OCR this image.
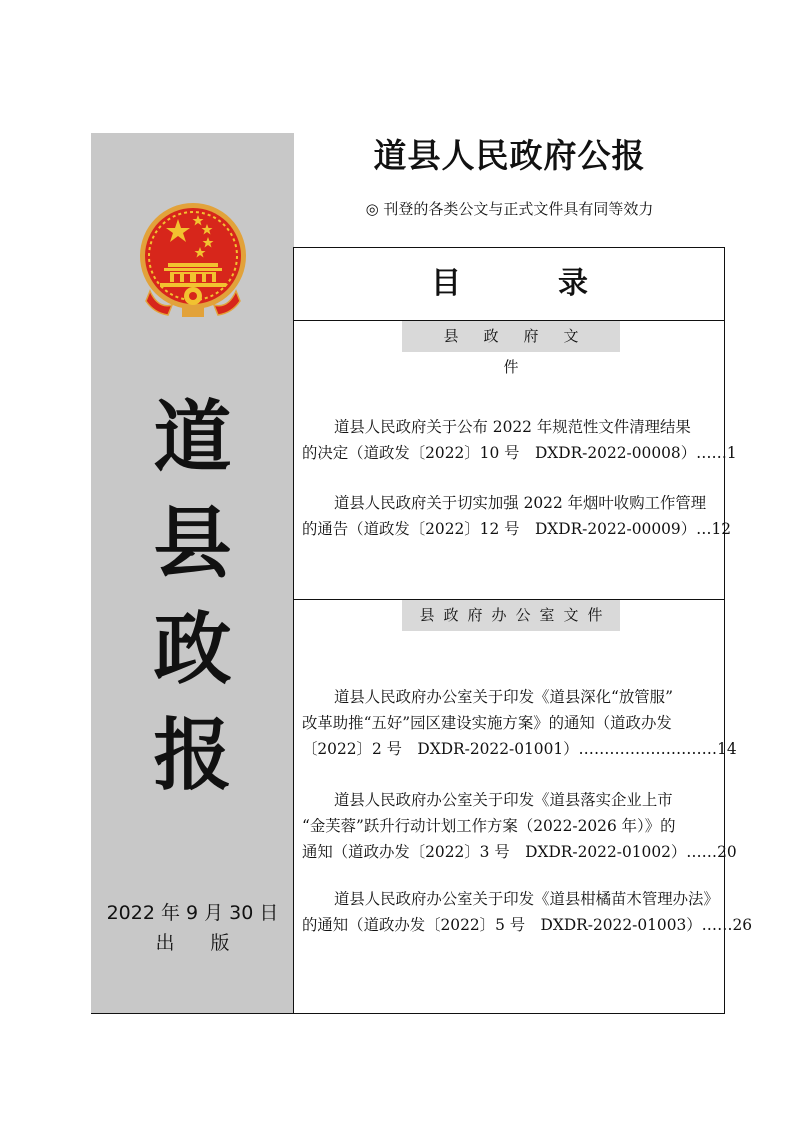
道
县
政
报
2022 年 9 月 30 日
出版
道县人民政府公报
◎ 刊登的各类公文与正式文件具有同等效力
目	录
县政府文件
道县人民政府关于公布 2022 年规范性文件清理结果
的决定（道政发〔2022〕10 号　DXDR-2022-00008）……1
道县人民政府关于切实加强 2022 年烟叶收购工作管理
的通告（道政发〔2022〕12 号　DXDR-2022-00009）…12
县政府办公室文件
道县人民政府办公室关于印发《道县深化“放管服”
改革助推“五好”园区建设实施方案》的通知（道政办发
〔2022〕2 号　DXDR-2022-01001）………………………14
道县人民政府办公室关于印发《道县落实企业上市
“金芙蓉”跃升行动计划工作方案（2022-2026 年）》的
通知（道政办发〔2022〕3 号　DXDR-2022-01002）……20
道县人民政府办公室关于印发《道县柑橘苗木管理办法》
的通知（道政办发〔2022〕5 号　DXDR-2022-01003）……26
